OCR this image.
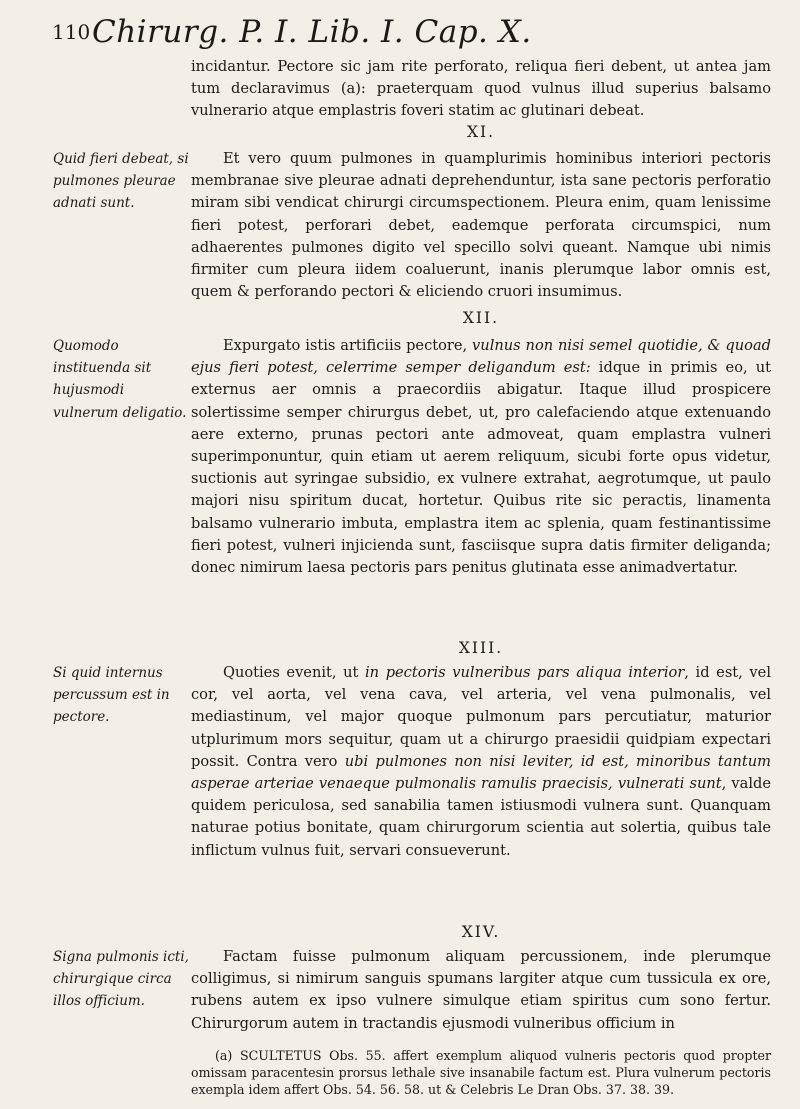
110 Chirurg. P. I. Lib. I. Cap. X.

incidantur. Pectore sic jam rite perforato, reliqua fieri debent, ut antea jam tum declaravimus (a): praeterquam quod vulnus illud superius balsamo vulnerario atque emplastris foveri statim ac glutinari debeat.

XI.
Quid fieri debeat, si pulmones pleurae adnati sunt.

Et vero quum pulmones in quamplurimis hominibus interiori pectoris membranae sive pleurae adnati deprehenduntur, ista sane pectoris perforatio miram sibi vendicat chirurgi circumspectionem. Pleura enim, quam lenissime fieri potest, perforari debet, eademque perforata circumspici, num adhaerentes pulmones digito vel specillo solvi queant. Namque ubi nimis firmiter cum pleura iidem coaluerunt, inanis plerumque labor omnis est, quem & perforando pectori & eliciendo cruori insumimus.

XII.
Quomodo instituenda sit hujusmodi vulnerum deligatio.

Expurgato istis artificiis pectore, vulnus non nisi semel quotidie, & quoad ejus fieri potest, celerrime semper deligandum est: idque in primis eo, ut externus aer omnis a praecordiis abigatur. Itaque illud prospicere solertissime semper chirurgus debet, ut, pro calefaciendo atque extenuando aere externo, prunas pectori ante admoveat, quam emplastra vulneri superimponuntur, quin etiam ut aerem reliquum, sicubi forte opus videtur, suctionis aut syringae subsidio, ex vulnere extrahat, aegrotumque, ut paulo majori nisu spiritum ducat, hortetur. Quibus rite sic peractis, linamenta balsamo vulnerario imbuta, emplastra item ac splenia, quam festinantissime fieri potest, vulneri injicienda sunt, fasciisque supra datis firmiter deliganda; donec nimirum laesa pectoris pars penitus glutinata esse animadvertatur.

XIII.
Si quid internus percussum est in pectore.

Quoties evenit, ut in pectoris vulneribus pars aliqua interior, id est, vel cor, vel aorta, vel vena cava, vel arteria, vel vena pulmonalis, vel mediastinum, vel major quoque pulmonum pars percutiatur, maturior utplurimum mors sequitur, quam ut a chirurgo praesidii quidpiam expectari possit. Contra vero ubi pulmones non nisi leviter, id est, minoribus tantum asperae arteriae venaeque pulmonalis ramulis praecisis, vulnerati sunt, valde quidem periculosa, sed sanabilia tamen istiusmodi vulnera sunt. Quanquam naturae potius bonitate, quam chirurgorum scientia aut solertia, quibus tale inflictum vulnus fuit, servari consueverunt.

XIV.
Signa pulmonis icti, chirurgique circa illos officium.

Factam fuisse pulmonum aliquam percussionem, inde plerumque colligimus, si nimirum sanguis spumans largiter atque cum tussicula ex ore, rubens autem ex ipso vulnere simulque etiam spiritus cum sono fertur. Chirurgorum autem in tractandis ejusmodi vulneribus officium in

(a) SCULTETUS Obs. 55. affert exemplum aliquod vulneris pectoris quod propter omissam paracentesin prorsus lethale sive insanabile factum est. Plura vulnerum pectoris exempla idem affert Obs. 54. 56. 58. ut & Celebris Le Dran Obs. 37. 38. 39.
